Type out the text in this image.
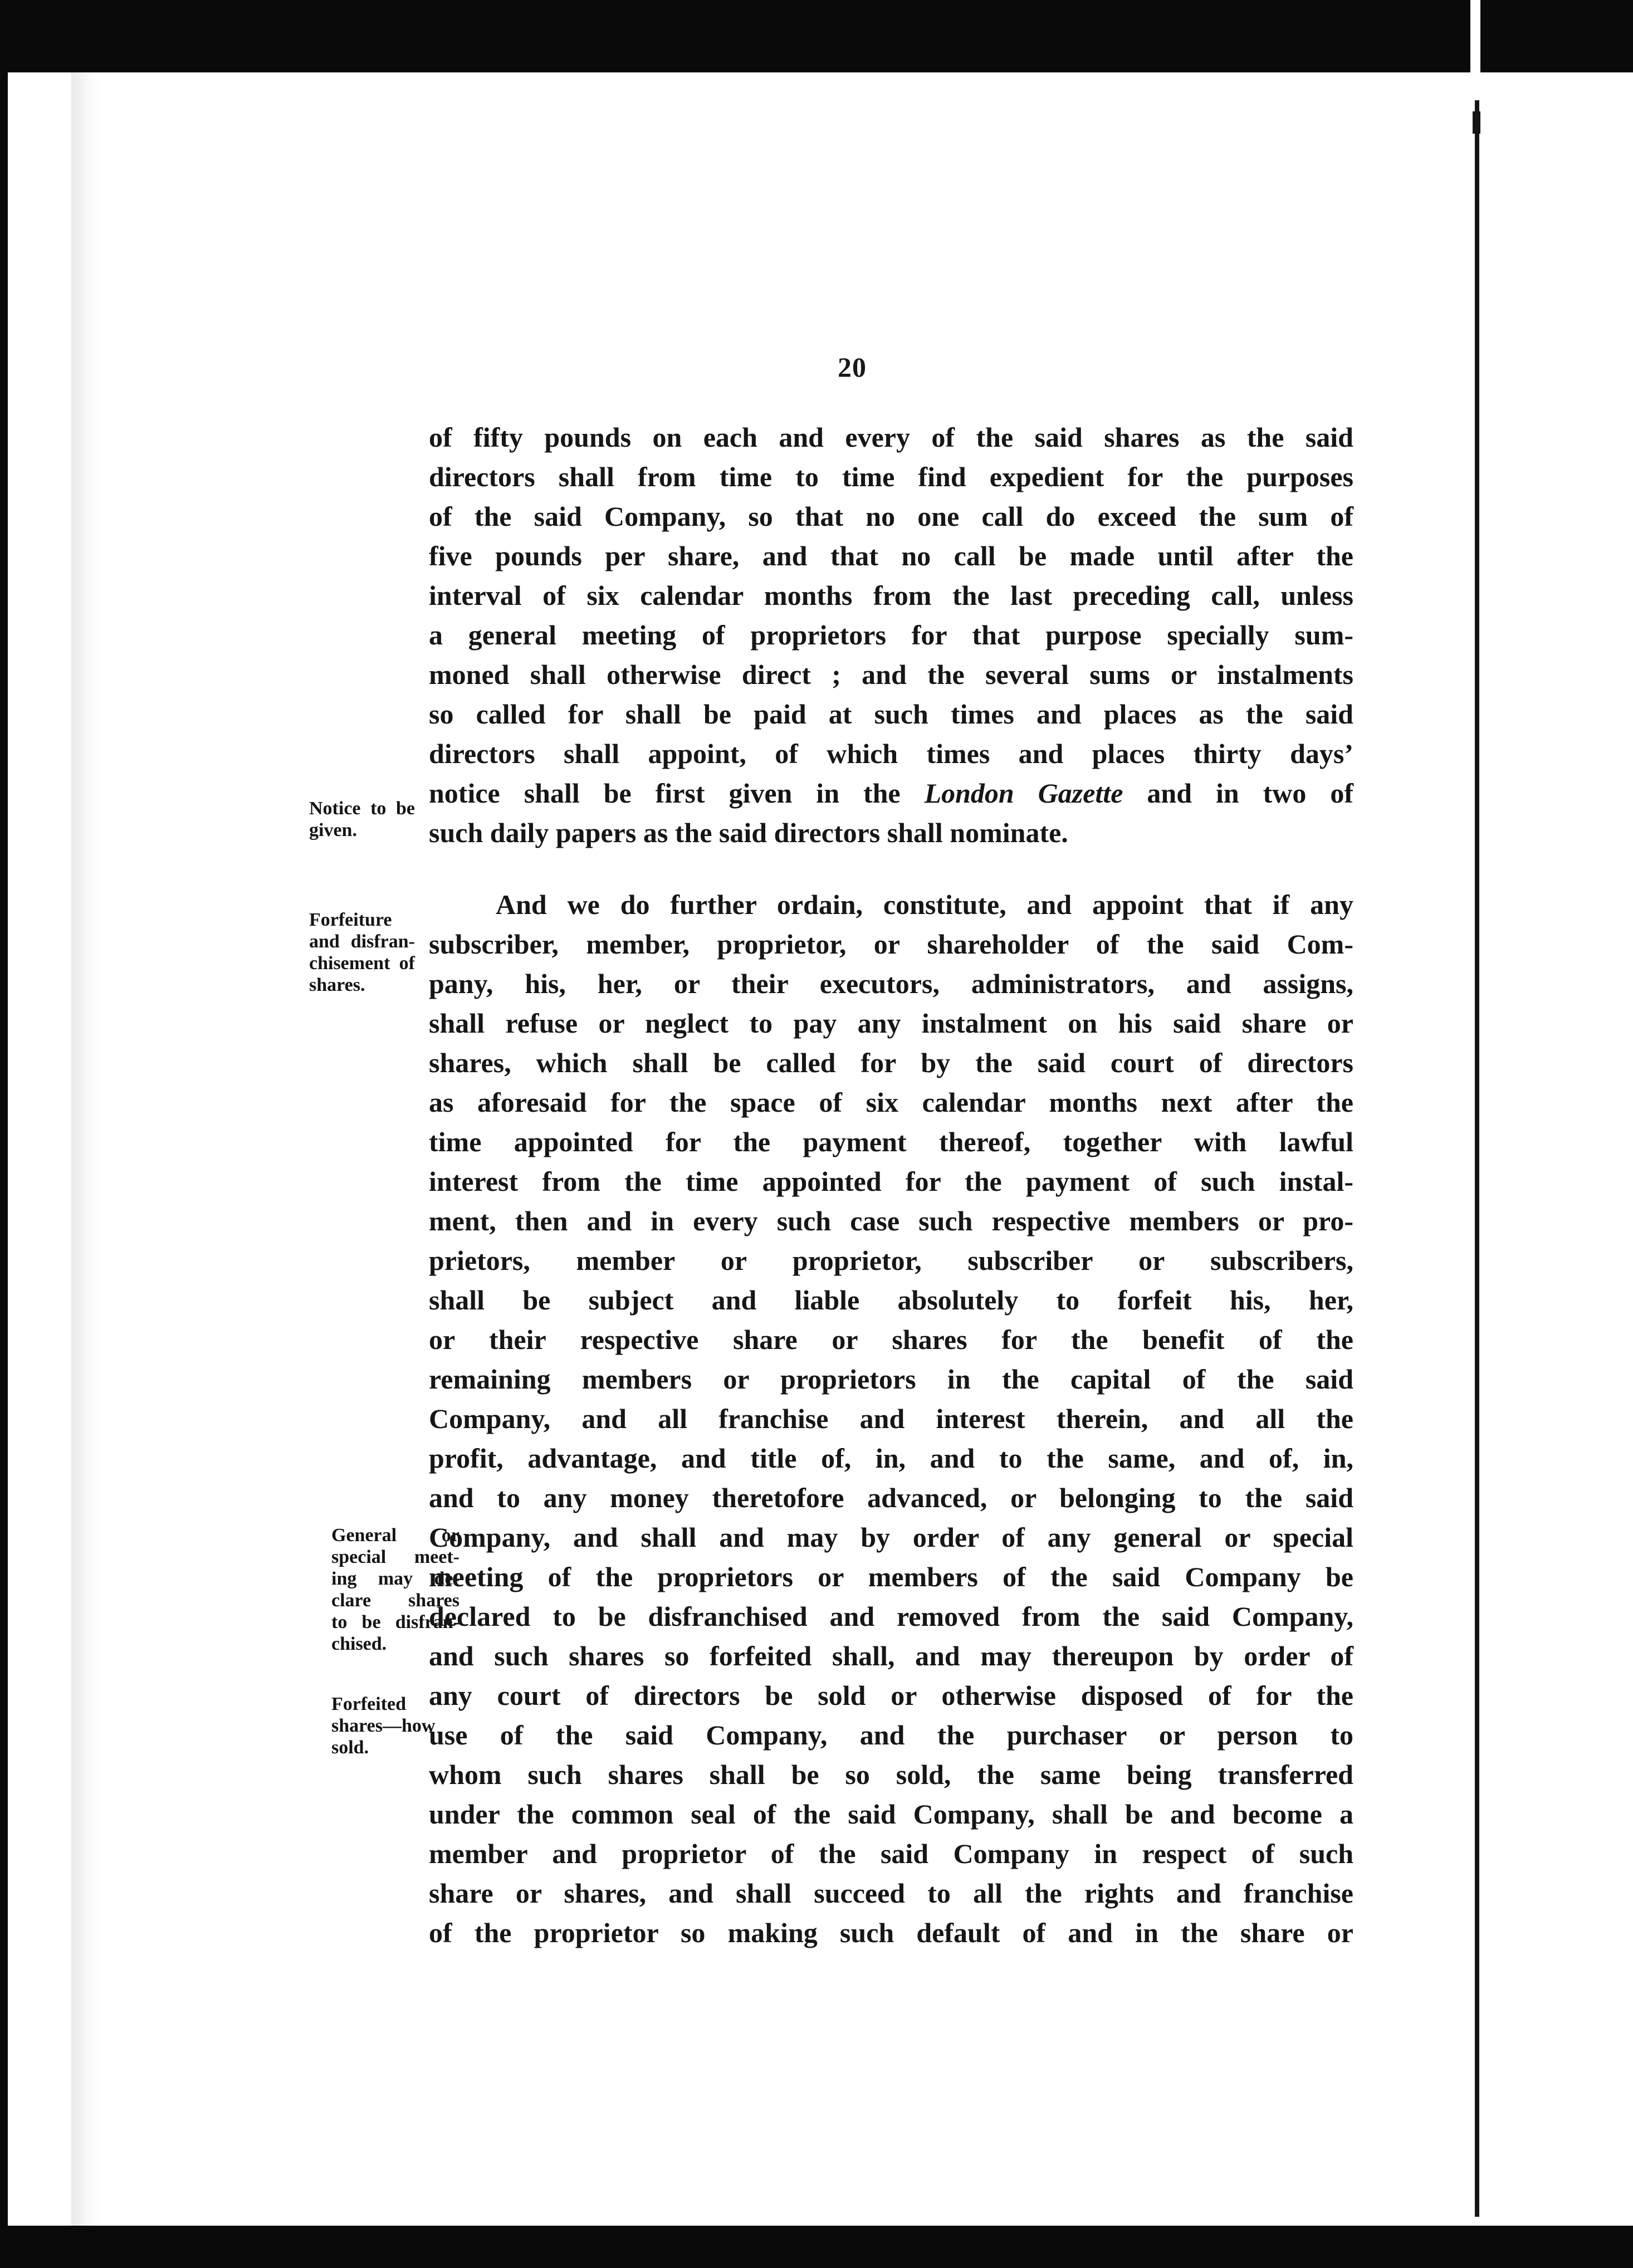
20
Notice to be
given.
Forfeiture
and disfran-
chisement of
shares.
General or
special meet-
ing may de-
clare shares
to be disfran-
chised.
Forfeited
shares—how
sold.
of fifty pounds on each and every of the said shares as the said
directors shall from time to time find expedient for the purposes
of the said Company, so that no one call do exceed the sum of
five pounds per share, and that no call be made until after the
interval of six calendar months from the last preceding call, unless
a general meeting of proprietors for that purpose specially sum-
moned shall otherwise direct ; and the several sums or instalments
so called for shall be paid at such times and places as the said
directors shall appoint, of which times and places thirty days’
notice shall be first given in the London Gazette and in two of
such daily papers as the said directors shall nominate.
And we do further ordain, constitute, and appoint that if any
subscriber, member, proprietor, or shareholder of the said Com-
pany, his, her, or their executors, administrators, and assigns,
shall refuse or neglect to pay any instalment on his said share or
shares, which shall be called for by the said court of directors
as aforesaid for the space of six calendar months next after the
time appointed for the payment thereof, together with lawful
interest from the time appointed for the payment of such instal-
ment, then and in every such case such respective members or pro-
prietors, member or proprietor, subscriber or subscribers,
shall be subject and liable absolutely to forfeit his, her,
or their respective share or shares for the benefit of the
remaining members or proprietors in the capital of the said
Company, and all franchise and interest therein, and all the
profit, advantage, and title of, in, and to the same, and of, in,
and to any money theretofore advanced, or belonging to the said
Company, and shall and may by order of any general or special
meeting of the proprietors or members of the said Company be
declared to be disfranchised and removed from the said Company,
and such shares so forfeited shall, and may thereupon by order of
any court of directors be sold or otherwise disposed of for the
use of the said Company, and the purchaser or person to
whom such shares shall be so sold, the same being transferred
under the common seal of the said Company, shall be and become a
member and proprietor of the said Company in respect of such
share or shares, and shall succeed to all the rights and franchise
of the proprietor so making such default of and in the share or
